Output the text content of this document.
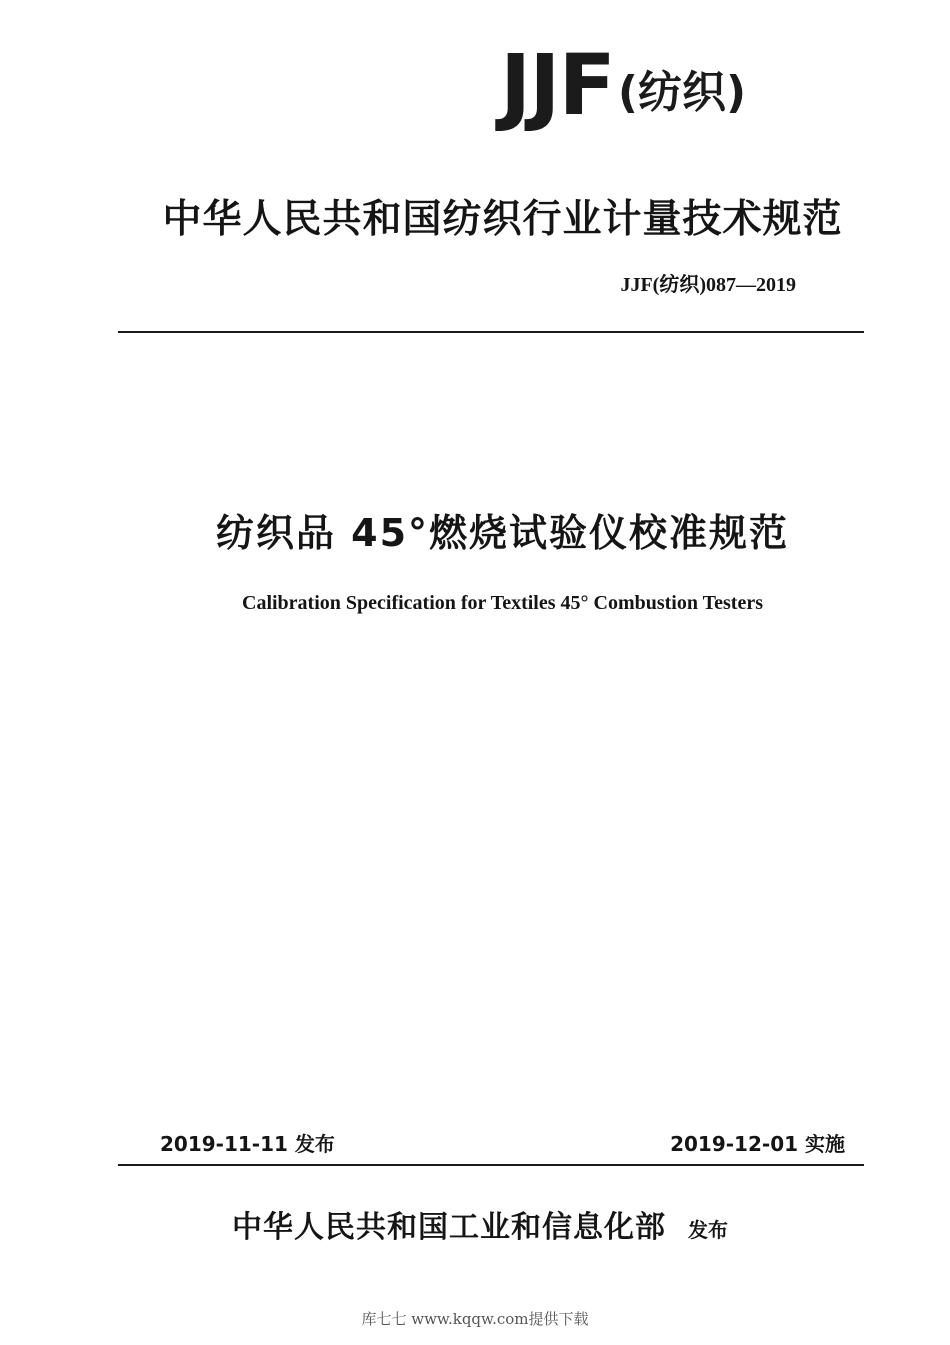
JJF (纺织)
中华人民共和国纺织行业计量技术规范
JJF(纺织)087—2019
纺织品 45°燃烧试验仪校准规范
Calibration Specification for Textiles 45° Combustion Testers
2019-11-11 发布	2019-12-01 实施
中华人民共和国工业和信息化部 发布
库七七 www.kqqw.com提供下载
